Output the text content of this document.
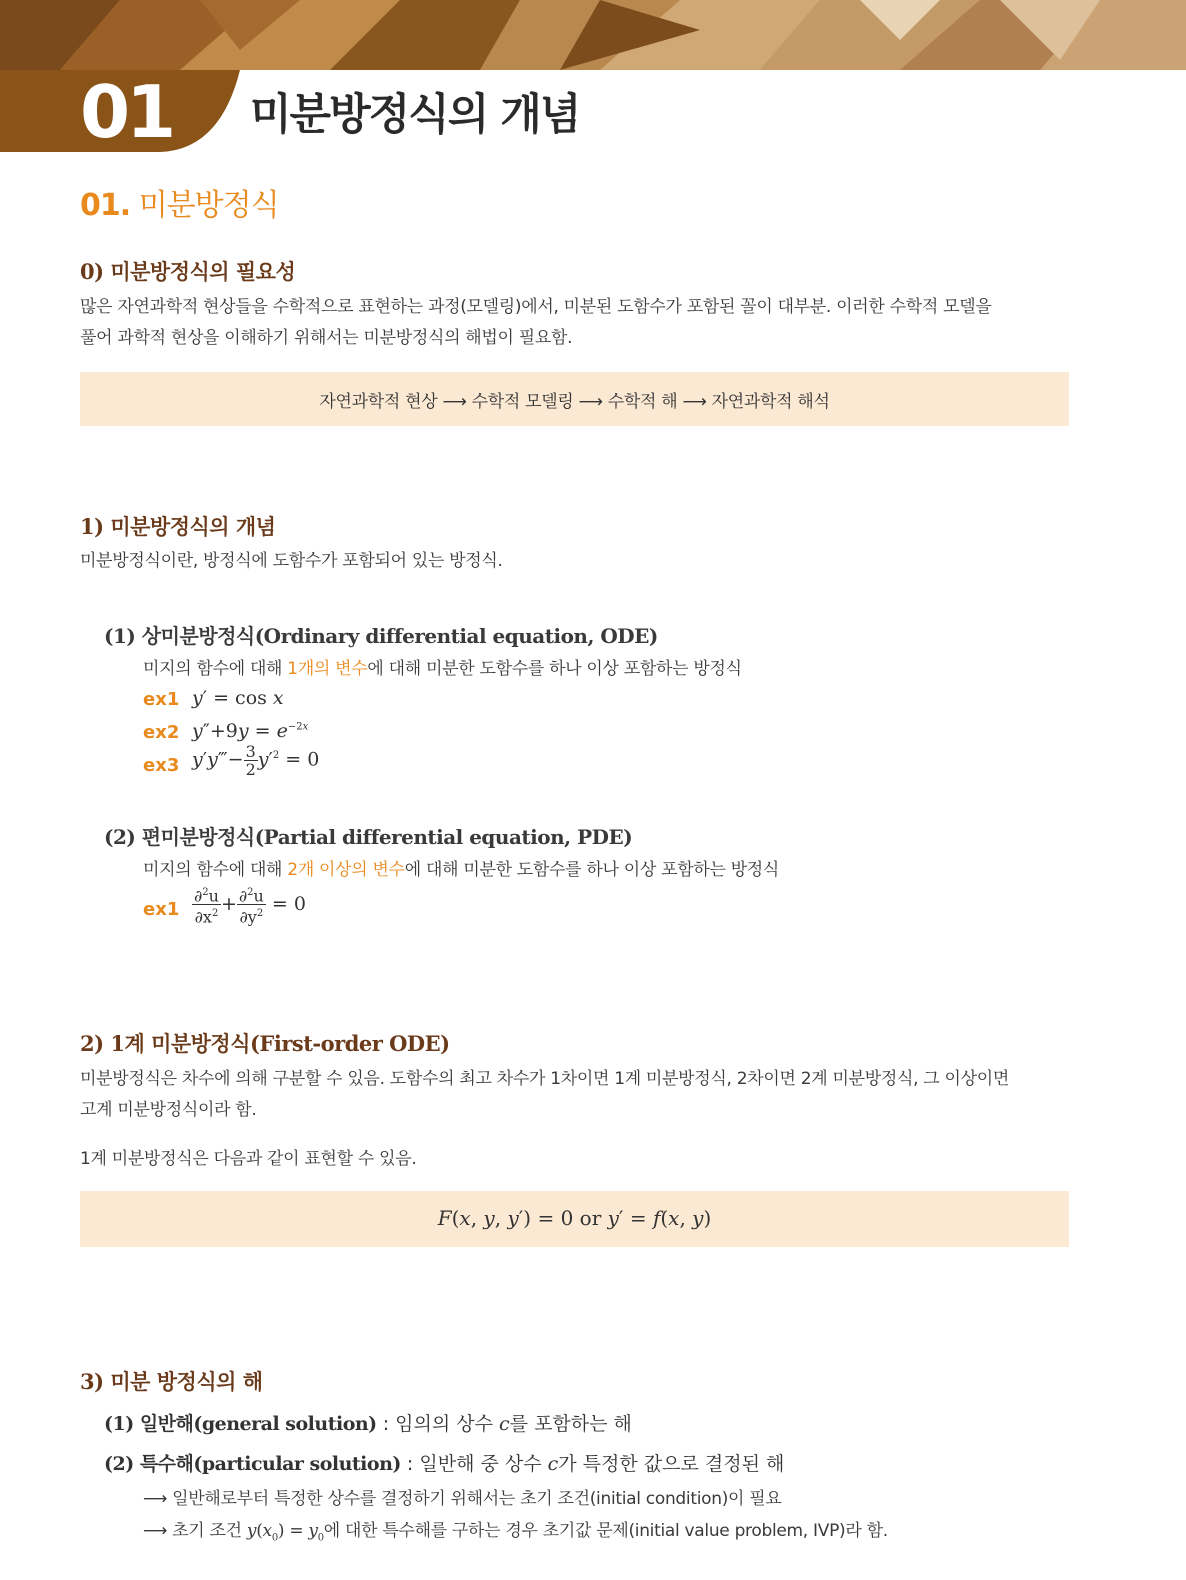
01 미분방정식의 개념
01. 미분방정식
0) 미분방정식의 필요성
많은 자연과학적 현상들을 수학적으로 표현하는 과정(모델링)에서, 미분된 도함수가 포함된 꼴이 대부분. 이러한 수학적 모델을
풀어 과학적 현상을 이해하기 위해서는 미분방정식의 해법이 필요함.
자연과학적 현상 ⟶ 수학적 모델링 ⟶ 수학적 해 ⟶ 자연과학적 해석
1) 미분방정식의 개념
미분방정식이란, 방정식에 도함수가 포함되어 있는 방정식.
(1) 상미분방정식(Ordinary differential equation, ODE)
미지의 함수에 대해 1개의 변수에 대해 미분한 도함수를 하나 이상 포함하는 방정식
ex1 y′ = cos x
ex2 $y''+9y = e^{-2x}$
ex3 y′y‴− $\frac{3}{2} y'^2 = 0$
(2) 편미분방정식(Partial differential equation, PDE)
미지의 함수에 대해 2개 이상의 변수에 대해 미분한 도함수를 하나 이상 포함하는 방정식
$ex1 \frac{\partial^2u}{\partial x^2} + \frac{\partial^2u}{\partial y^2} = 0$
2) 1계 미분방정식(First-order ODE)
미분방정식은 차수에 의해 구분할 수 있음. 도함수의 최고 차수가 1차이면 1계 미분방정식, 2차이면 2계 미분방정식, 그 이상이면
고계 미분방정식이라 함.
1계 미분방정식은 다음과 같이 표현할 수 있음.
F(x, y, y′) = 0 or y′ = f(x, y)
3) 미분 방정식의 해
(1) 일반해(general solution) : 임의의 상수 c를 포함하는 해
(2) 특수해(particular solution) : 일반해 중 상수 c가 특정한 값으로 결정된 해
⟶ 일반해로부터 특정한 상수를 결정하기 위해서는 초기 조건(initial condition)이 필요
⟶ 초기 조건 $y(x_0) = y_0$에 대한 특수해를 구하는 경우 초기값 문제(initial value problem, IVP)라 함.
